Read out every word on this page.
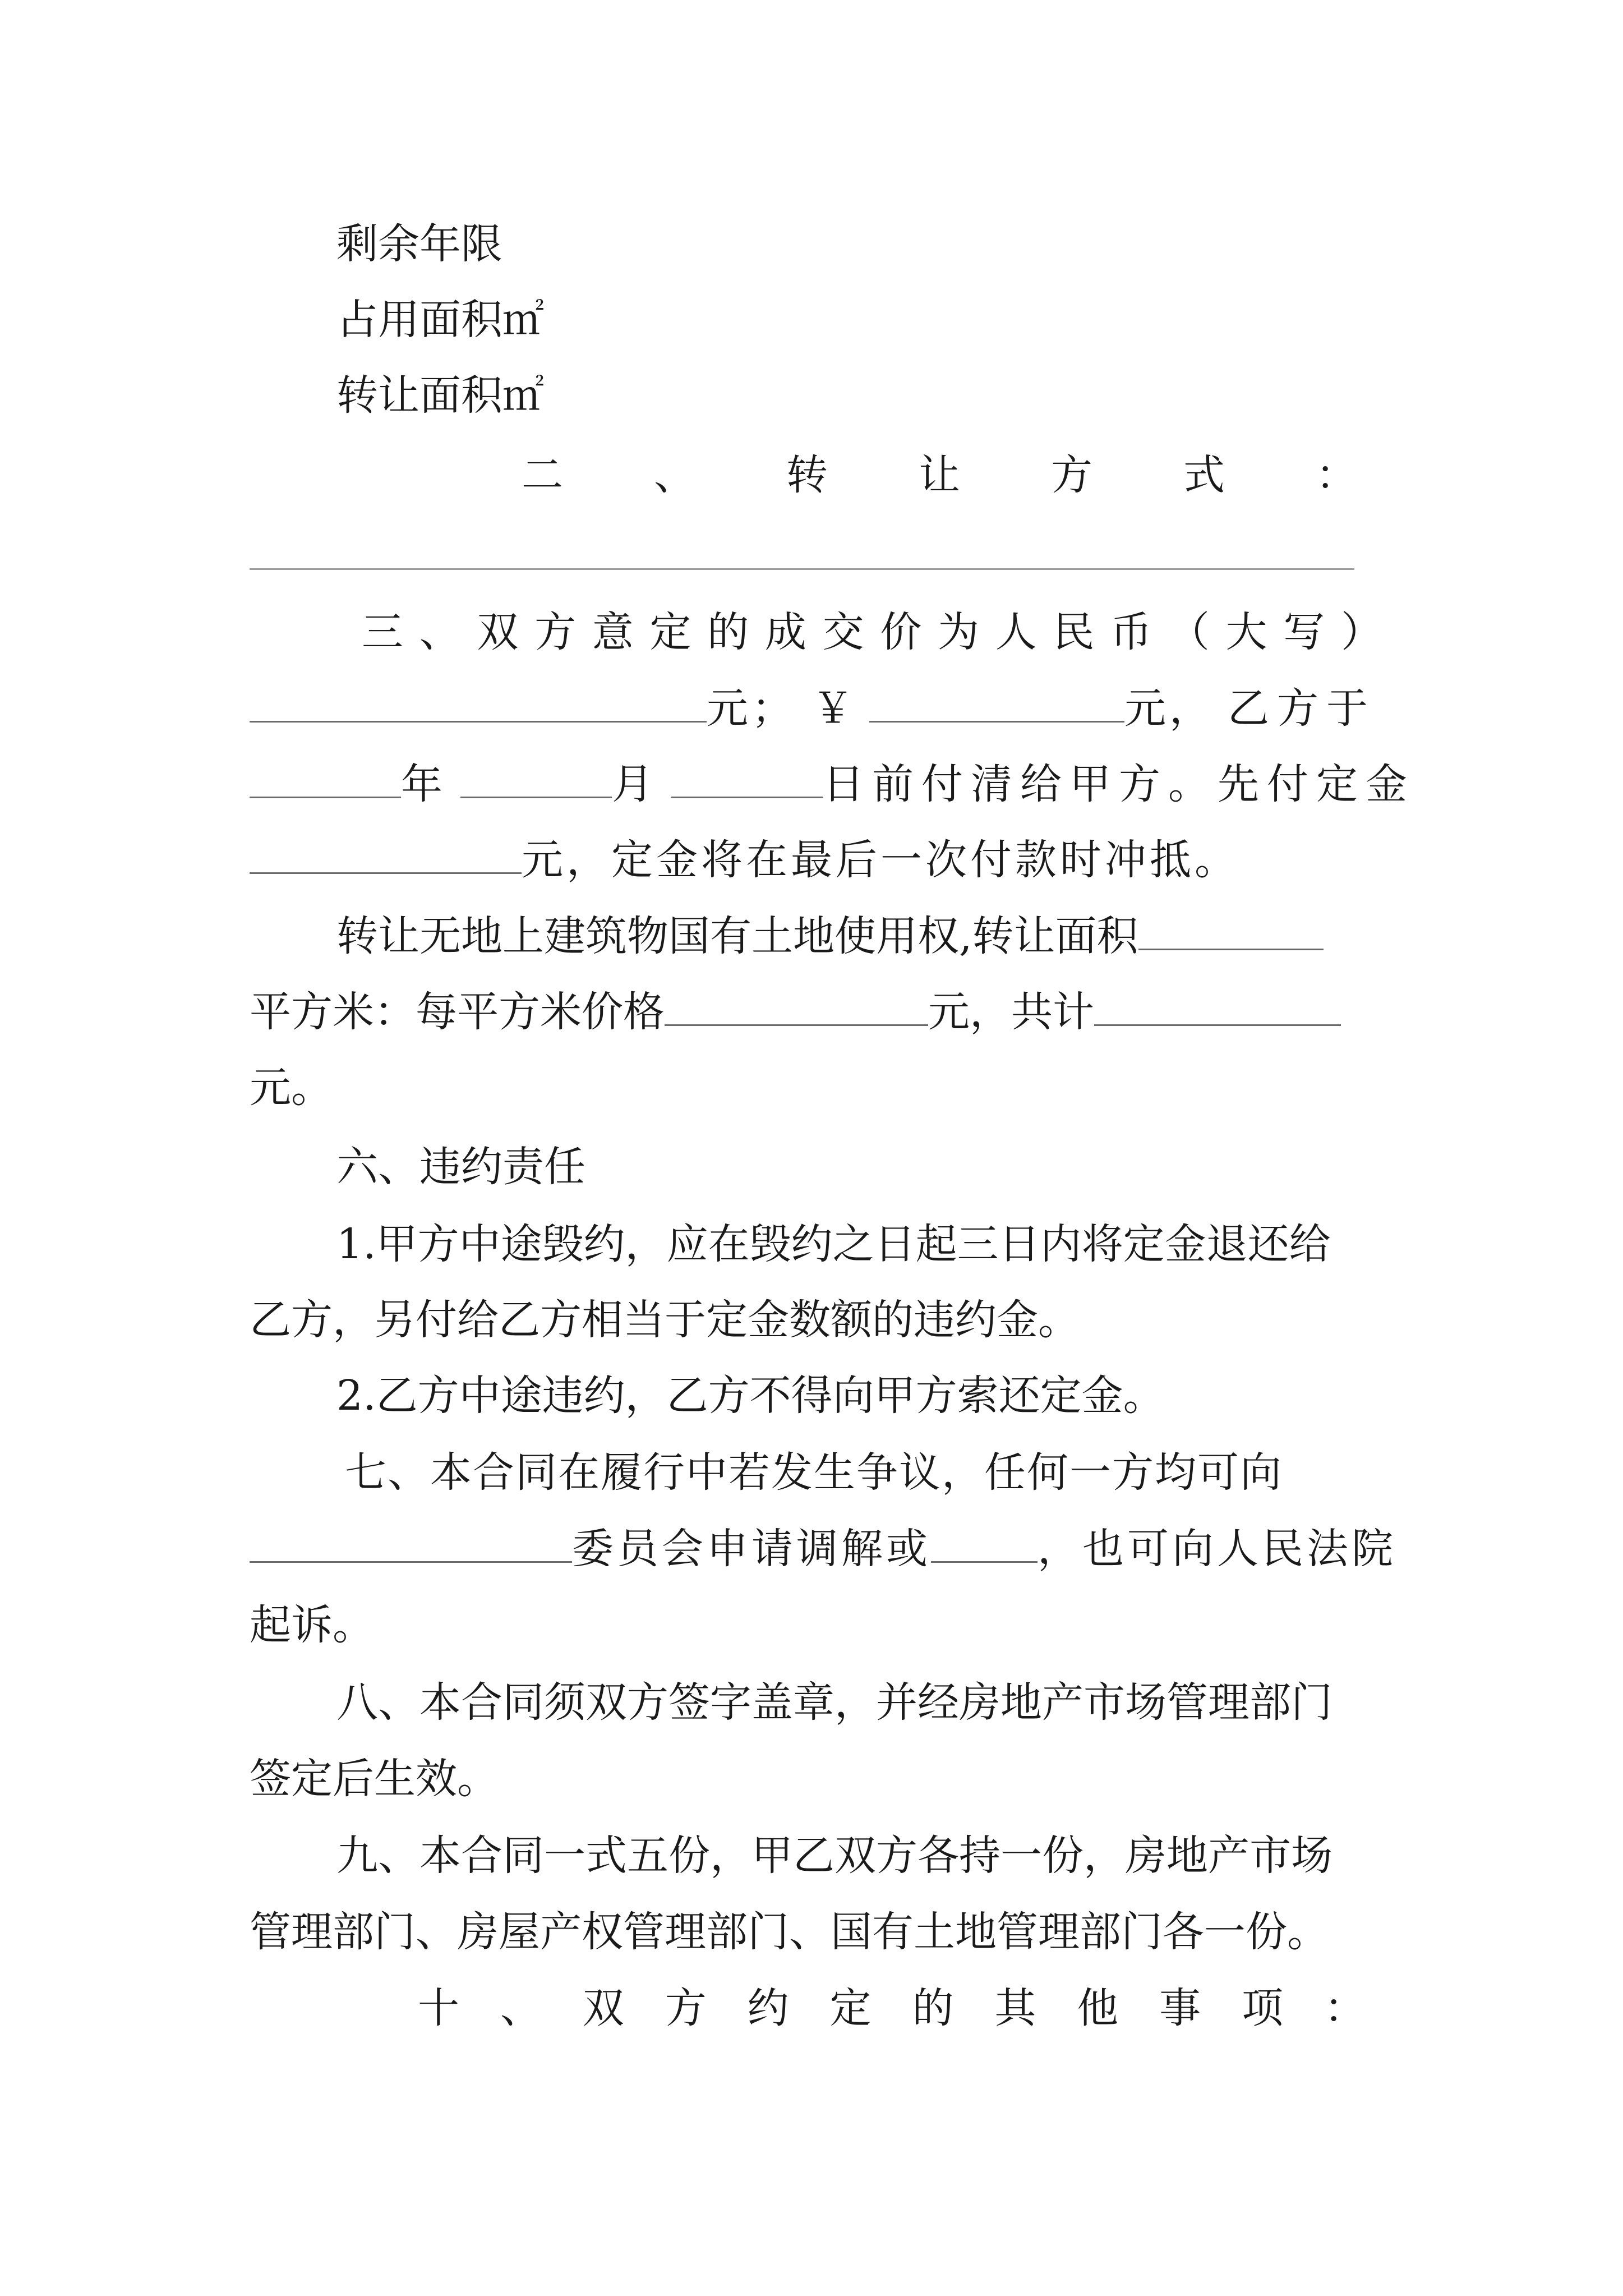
剩余年限
占用面积㎡
转让面积㎡
二 、 转 让 方 式 ：
三 、 双 方 意 定 的 成 交 价 为 人 民 币 （ 大 写 ）
元； ￥	元， 乙方于
年	月	日前付清给甲方。先付定金
元，定金将在最后一次付款时冲抵。
转让无地上建筑物国有土地使用权,转让面积
平方米：每平方米价格	元，共计
元。
六、违约责任
1.甲方中途毁约，应在毁约之日起三日内将定金退还给
乙方，另付给乙方相当于定金数额的违约金。
2.乙方中途违约，乙方不得向甲方索还定金。
七、本合同在履行中若发生争议，任何一方均可向
委员会申请调解或	，也可向人民法院
起诉。
八、本合同须双方签字盖章，并经房地产市场管理部门
签定后生效。
九、本合同一式五份，甲乙双方各持一份，房地产市场
管理部门、房屋产权管理部门、国有土地管理部门各一份。
十 、 双 方 约 定 的 其 他 事 项 ：
